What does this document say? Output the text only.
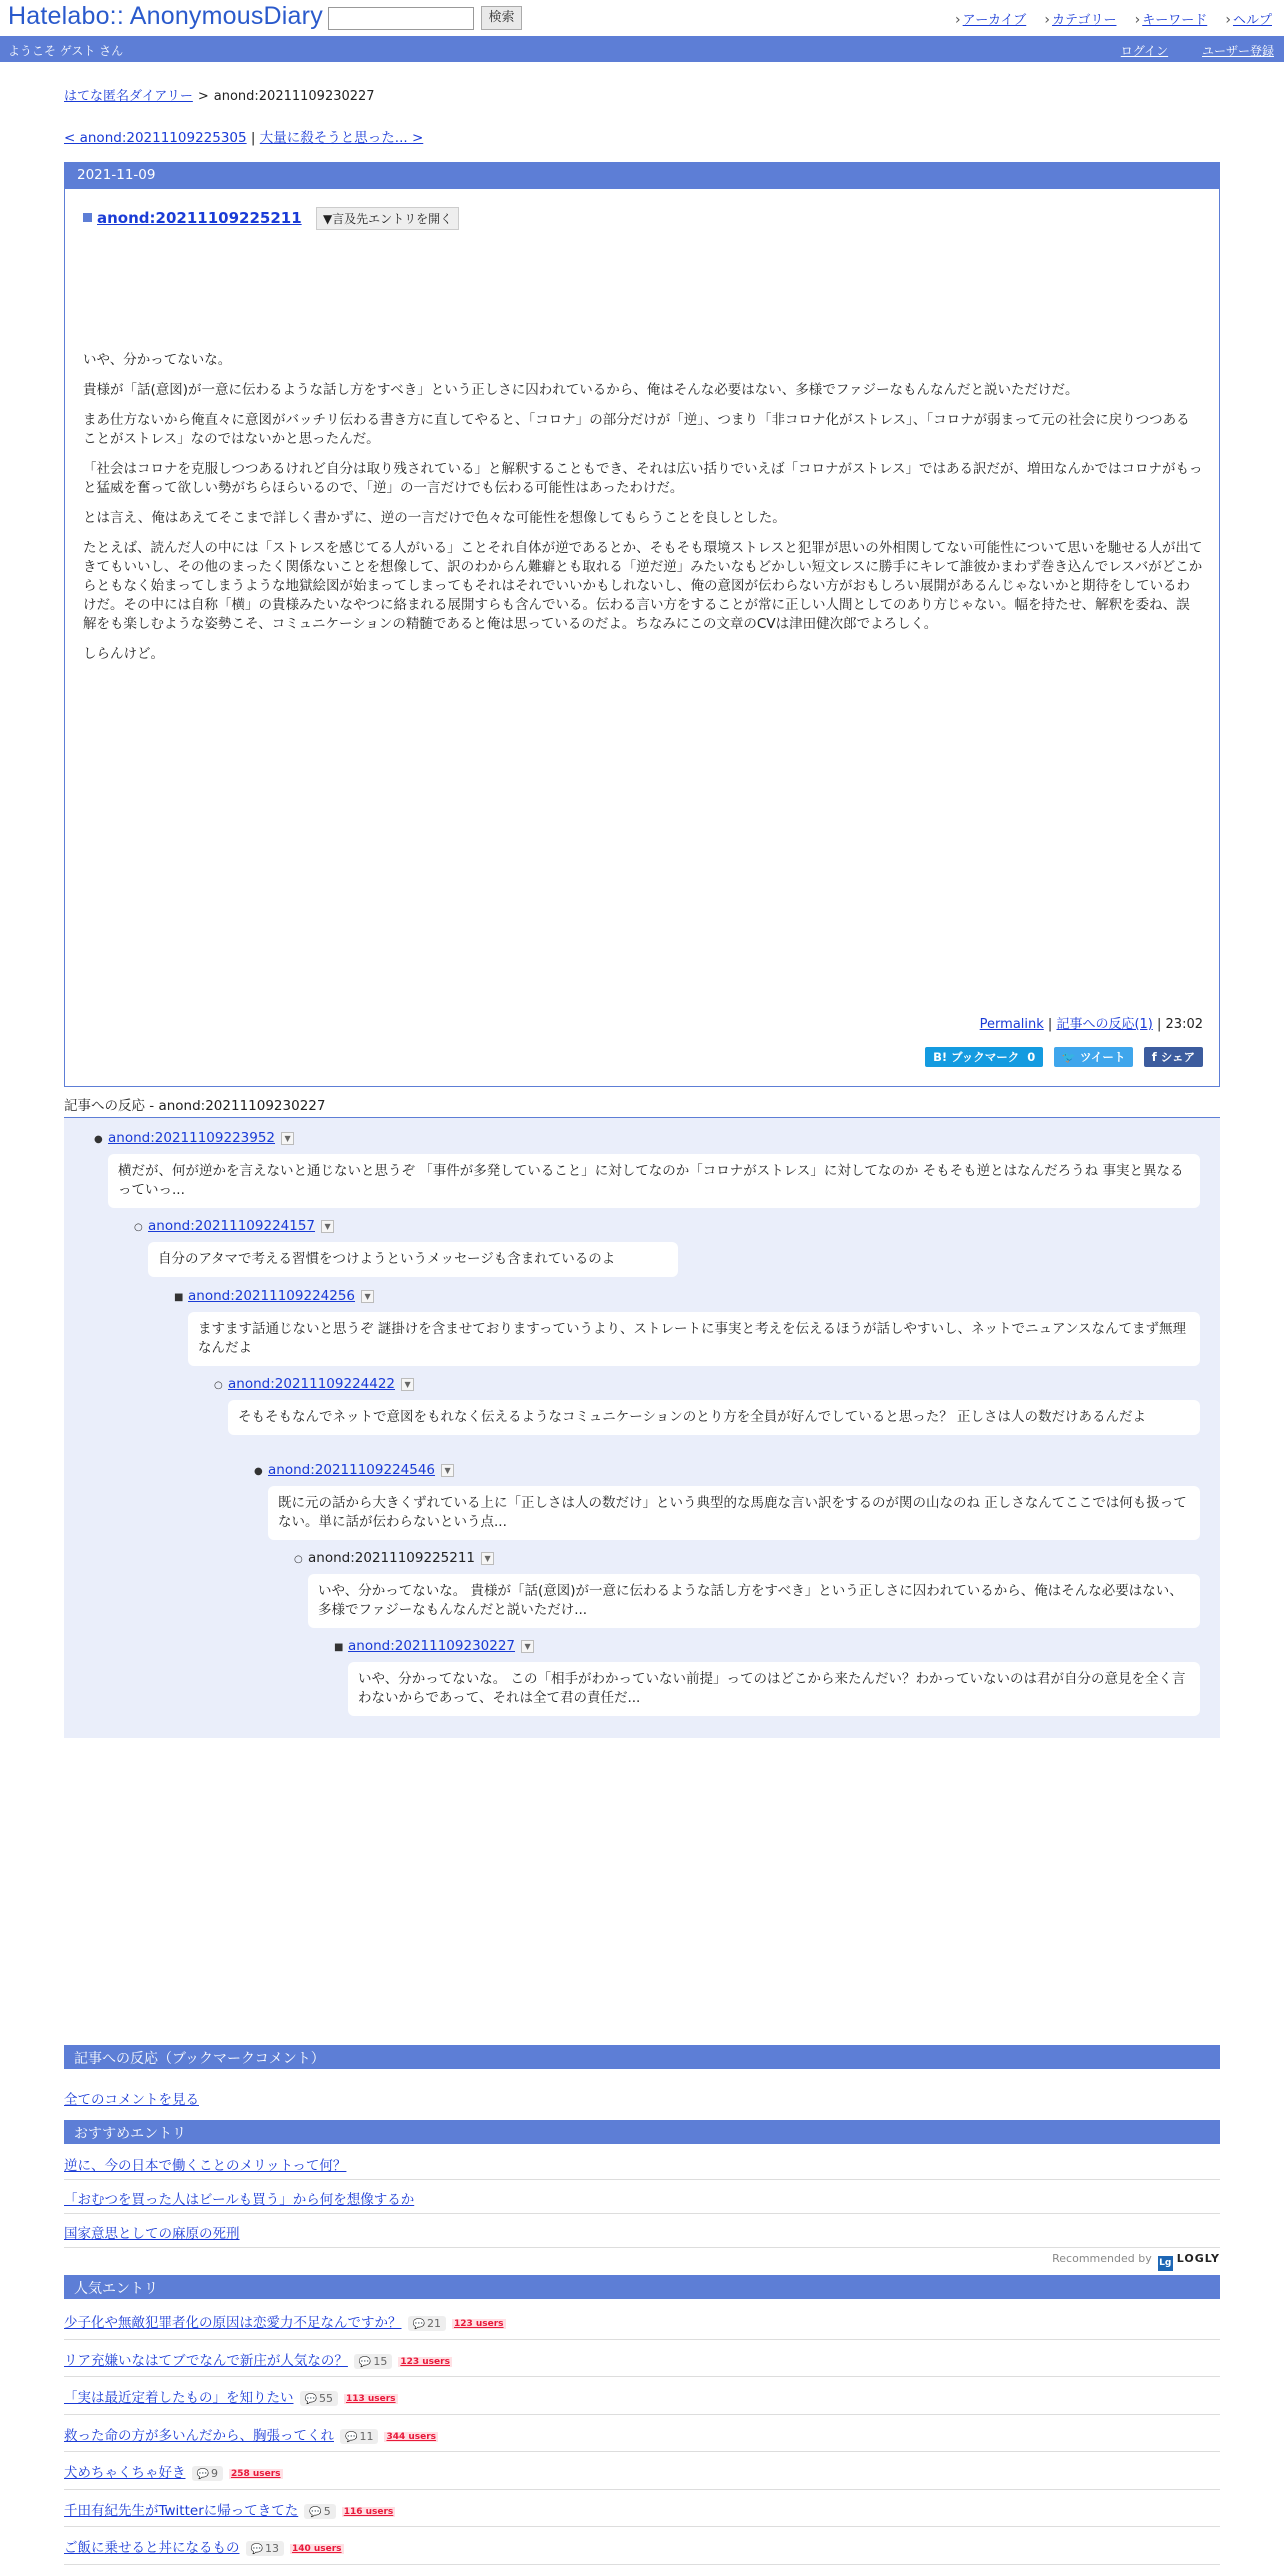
Hatelabo:: AnonymousDiary	検索	› アーカイブ › カテゴリー › キーワード › ヘルプ
ようこそ ゲスト さん	ログイン	ユーザー登録
はてな匿名ダイアリー > anond:20211109230227
< anond:20211109225305 | 大量に殺そうと思った... >
2021-11-09
anond:20211109225211 ▼言及先エントリを開く

いや、分かってないな。

貴様が「話(意図)が一意に伝わるような話し方をすべき」という正しさに囚われているから、俺はそんな必要はない、多様でファジーなもんなんだと説いただけだ。

まあ仕方ないから俺直々に意図がバッチリ伝わる書き方に直してやると、「コロナ」の部分だけが「逆」、つまり「非コロナ化がストレス」、「コロナが弱まって元の社会に戻りつつあることがストレス」なのではないかと思ったんだ。

「社会はコロナを克服しつつあるけれど自分は取り残されている」と解釈することもでき、それは広い括りでいえば「コロナがストレス」ではある訳だが、増田なんかではコロナがもっと猛威を奮って欲しい勢がちらほらいるので、「逆」の一言だけでも伝わる可能性はあったわけだ。

とは言え、俺はあえてそこまで詳しく書かずに、逆の一言だけで色々な可能性を想像してもらうことを良しとした。

たとえば、読んだ人の中には「ストレスを感じてる人がいる」ことそれ自体が逆であるとか、そもそも環境ストレスと犯罪が思いの外相関してない可能性について思いを馳せる人が出てきてもいいし、その他のまったく関係ないことを想像して、訳のわからん難癖とも取れる「逆だ逆」みたいなもどかしい短文レスに勝手にキレて誰彼かまわず巻き込んでレスバがどこからともなく始まってしまうような地獄絵図が始まってしまってもそれはそれでいいかもしれないし、俺の意図が伝わらない方がおもしろい展開があるんじゃないかと期待をしているわけだ。その中には自称「横」の貴様みたいなやつに絡まれる展開すらも含んでいる。伝わる言い方をすることが常に正しい人間としてのあり方じゃない。幅を持たせ、解釈を委ね、誤解をも楽しむような姿勢こそ、コミュニケーションの精髄であると俺は思っているのだよ。ちなみにこの文章のCVは津田健次郎でよろしく。

しらんけど。

Permalink | 記事への反応(1) | 23:02
B! ブックマーク 0 🐦 ツイート f シェア
記事への反応 - anond:20211109230227
● anond:20211109223952 ▼
横だが、何が逆かを言えないと通じないと思うぞ 「事件が多発していること」に対してなのか「コロナがストレス」に対してなのか そもそも逆とはなんだろうね 事実と異なるっていっ...
○ anond:20211109224157 ▼
自分のアタマで考える習慣をつけようというメッセージも含まれているのよ
■ anond:20211109224256 ▼
ますます話通じないと思うぞ 謎掛けを含ませておりますっていうより、ストレートに事実と考えを伝えるほうが話しやすいし、ネットでニュアンスなんてまず無理なんだよ
○ anond:20211109224422 ▼
そもそもなんでネットで意図をもれなく伝えるようなコミュニケーションのとり方を全員が好んでしていると思った？ 正しさは人の数だけあるんだよ
● anond:20211109224546 ▼
既に元の話から大きくずれている上に「正しさは人の数だけ」という典型的な馬鹿な言い訳をするのが関の山なのね 正しさなんてここでは何も扱ってない。単に話が伝わらないという点...
○ anond:20211109225211 ▼
いや、分かってないな。 貴様が「話(意図)が一意に伝わるような話し方をすべき」という正しさに囚われているから、俺はそんな必要はない、多様でファジーなもんなんだと説いただけ...
■ anond:20211109230227 ▼
いや、分かってないな。 この「相手がわかっていない前提」ってのはどこから来たんだい？わかっていないのは君が自分の意見を全く言わないからであって、それは全て君の責任だ...
記事への反応（ブックマークコメント）
全てのコメントを見る
おすすめエントリ
逆に、今の日本で働くことのメリットって何？
「おむつを買った人はビールも買う」から何を想像するか
国家意思としての麻原の死刑
Recommended by Lg LOGLY
人気エントリ
少子化や無敵犯罪者化の原因は恋愛力不足なんですか？ 💬 21 123 users
リア充嫌いなはてブでなんで新庄が人気なの？ 💬 15 123 users
「実は最近定着したもの」を知りたい 💬 55 113 users
救った命の方が多いんだから、胸張ってくれ 💬 11 344 users
犬めちゃくちゃ好き 💬 9 258 users
千田有紀先生がTwitterに帰ってきてた 💬 5 116 users
ご飯に乗せると丼になるもの 💬 13 140 users
